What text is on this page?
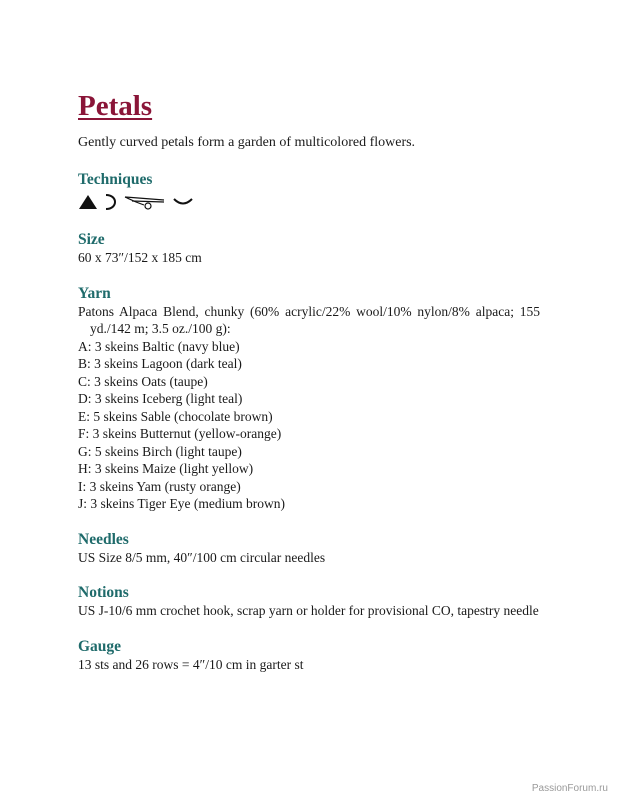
Petals

Gently curved petals form a garden of multicolored flowers.

Techniques
Size
60 x 73″/152 x 185 cm
Yarn
Patons Alpaca Blend, chunky (60% acrylic/22% wool/10% nylon/8% alpaca; 155 yd./142 m; 3.5 oz./100 g):
A: 3 skeins Baltic (navy blue)
B: 3 skeins Lagoon (dark teal)
C: 3 skeins Oats (taupe)
D: 3 skeins Iceberg (light teal)
E: 5 skeins Sable (chocolate brown)
F: 3 skeins Butternut (yellow-orange)
G: 5 skeins Birch (light taupe)
H: 3 skeins Maize (light yellow)
I: 3 skeins Yam (rusty orange)
J: 3 skeins Tiger Eye (medium brown)
Needles
US Size 8/5 mm, 40″/100 cm circular needles
Notions
US J-10/6 mm crochet hook, scrap yarn or holder for provisional CO, tapestry needle
Gauge
13 sts and 26 rows = 4″/10 cm in garter st
PassionForum.ru
